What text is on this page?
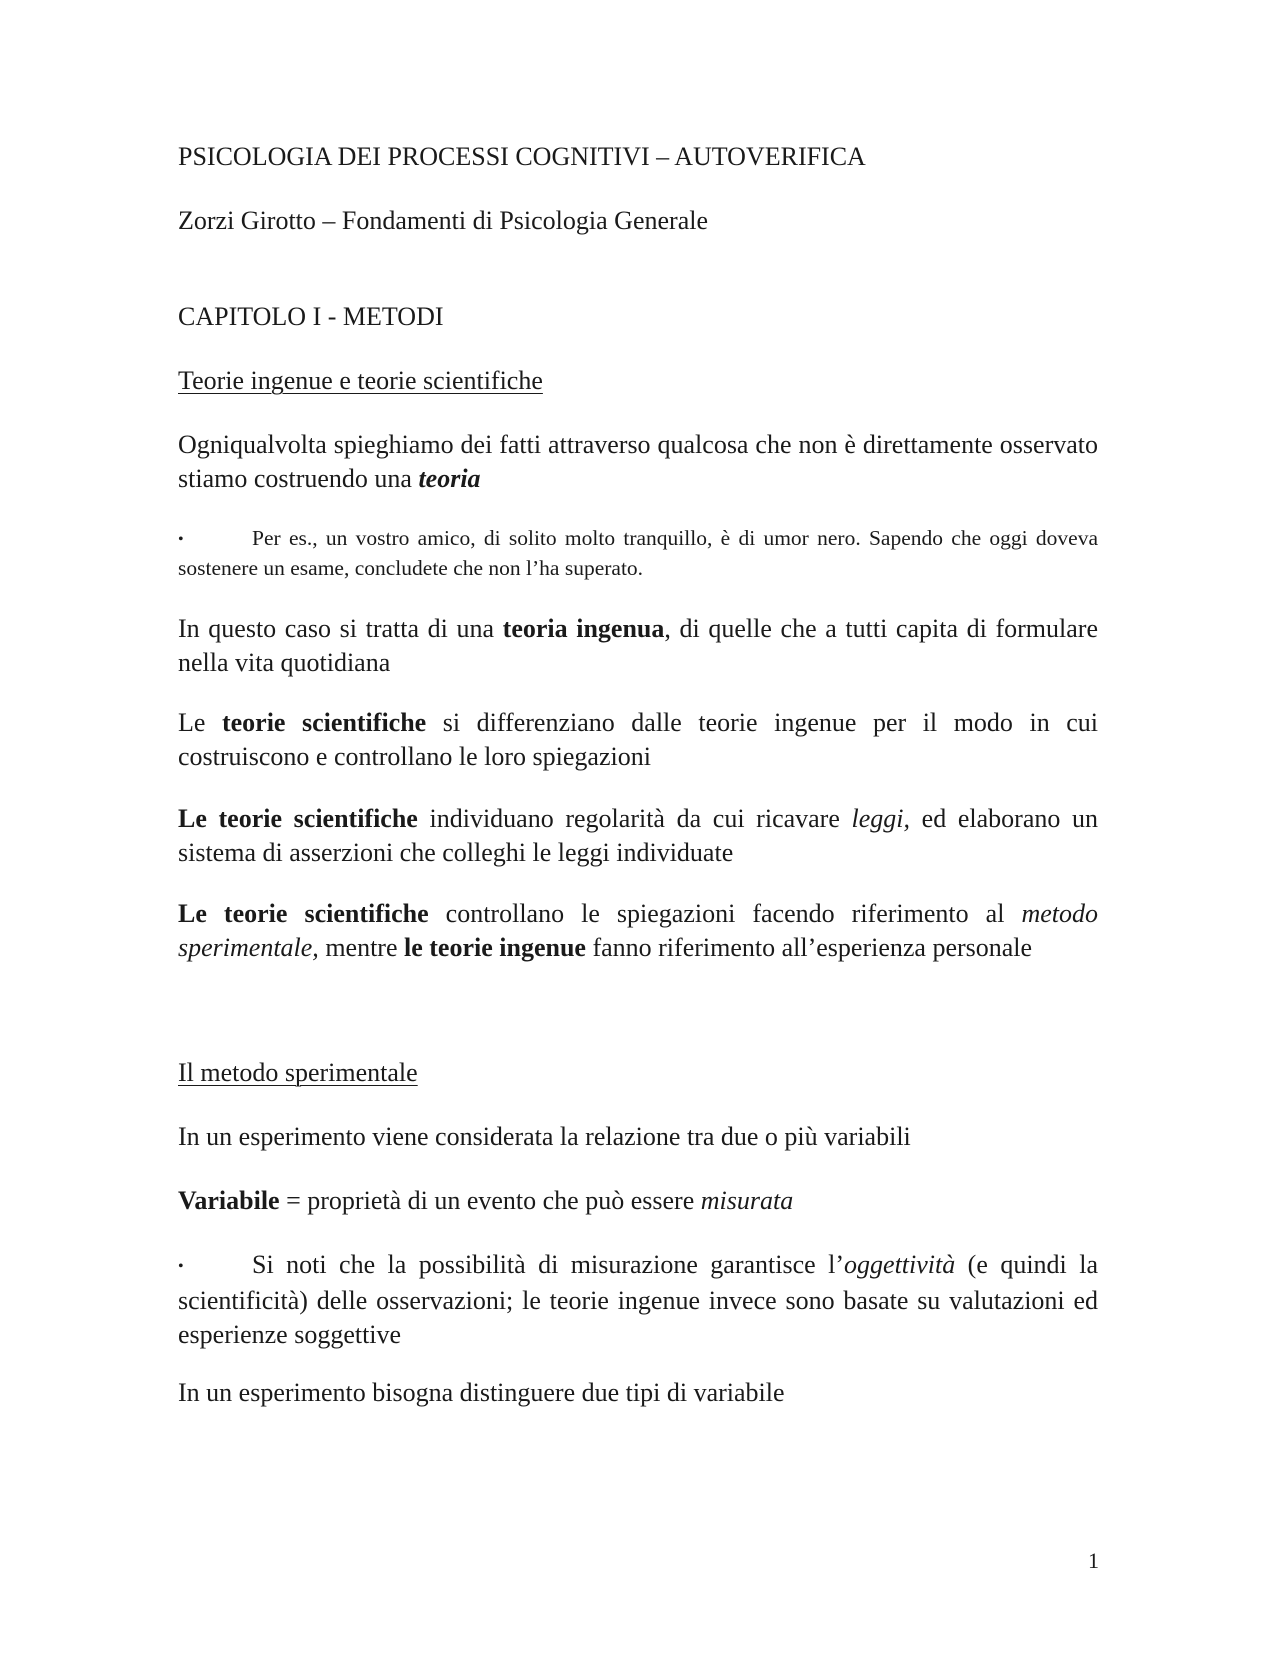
PSICOLOGIA DEI PROCESSI COGNITIVI – AUTOVERIFICA
Zorzi Girotto – Fondamenti di Psicologia Generale
CAPITOLO I - METODI
Teorie ingenue e teorie scientifiche
Ogniqualvolta spieghiamo dei fatti attraverso qualcosa che non è direttamente osservato stiamo costruendo una teoria
•	Per es., un vostro amico, di solito molto tranquillo, è di umor nero. Sapendo che oggi doveva sostenere un esame, concludete che non l’ha superato.
In questo caso si tratta di una teoria ingenua, di quelle che a tutti capita di formulare nella vita quotidiana
Le teorie scientifiche si differenziano dalle teorie ingenue per il modo in cui costruiscono e controllano le loro spiegazioni
Le teorie scientifiche individuano regolarità da cui ricavare leggi, ed elaborano un sistema di asserzioni che colleghi le leggi individuate
Le teorie scientifiche controllano le spiegazioni facendo riferimento al metodo sperimentale, mentre le teorie ingenue fanno riferimento all’esperienza personale
Il metodo sperimentale
In un esperimento viene considerata la relazione tra due o più variabili
Variabile = proprietà di un evento che può essere misurata
•	Si noti che la possibilità di misurazione garantisce l’oggettività (e quindi la scientificità) delle osservazioni; le teorie ingenue invece sono basate su valutazioni ed esperienze soggettive
In un esperimento bisogna distinguere due tipi di variabile
1
